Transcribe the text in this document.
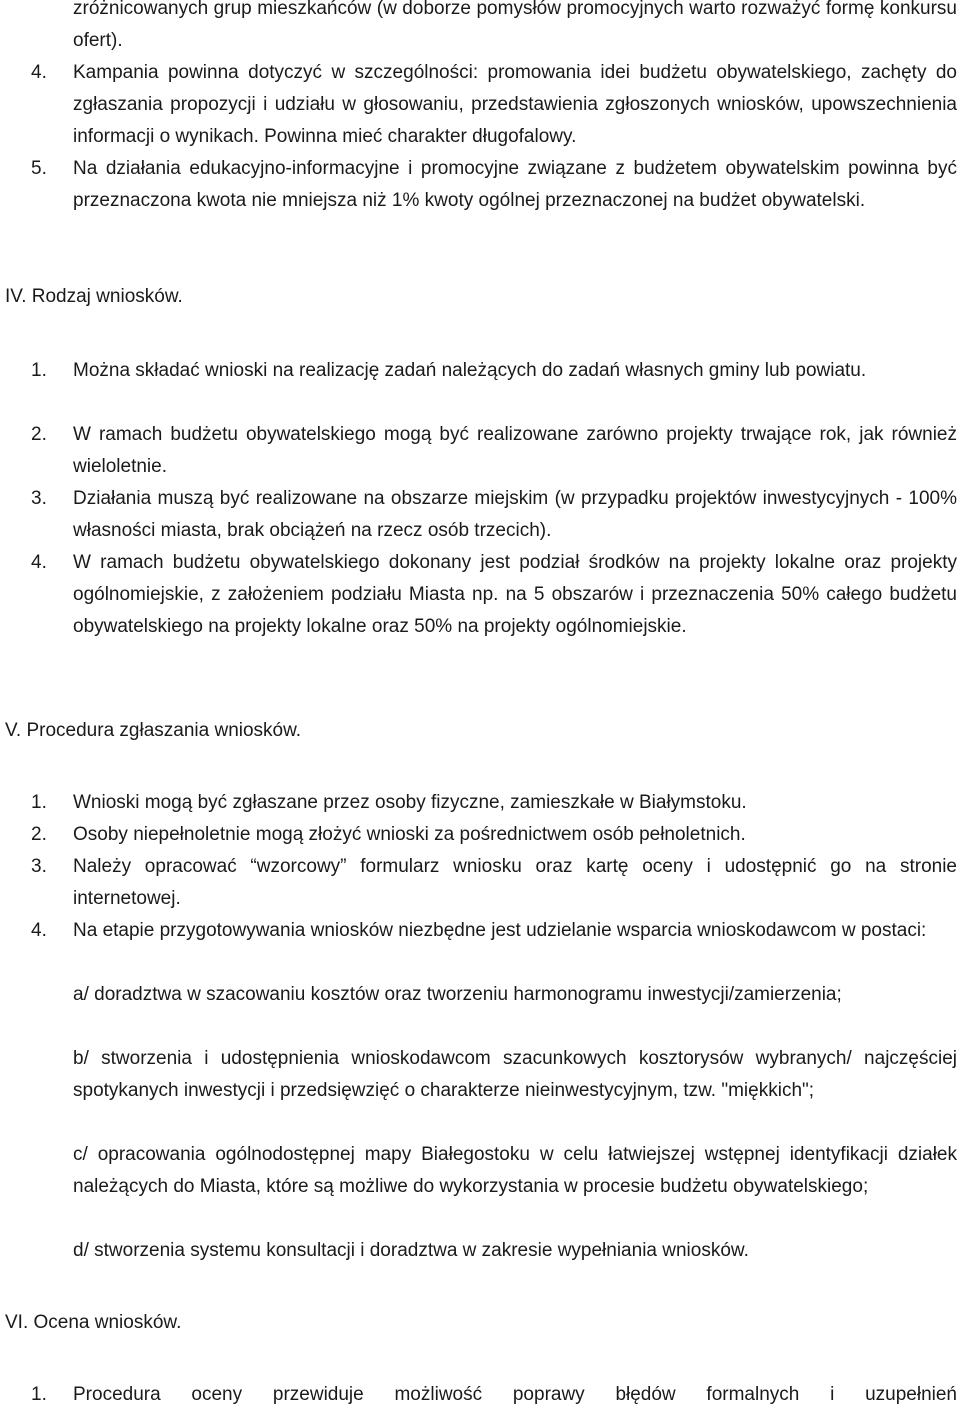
zróżnicowanych grup mieszkańców (w doborze pomysłów promocyjnych warto rozważyć formę konkursu ofert).
4.	Kampania powinna dotyczyć w szczególności: promowania idei budżetu obywatelskiego, zachęty do zgłaszania propozycji i udziału w głosowaniu, przedstawienia zgłoszonych wniosków, upowszechnienia informacji o wynikach. Powinna mieć charakter długofalowy.
5.	Na działania edukacyjno-informacyjne i promocyjne związane z budżetem obywatelskim powinna być przeznaczona kwota nie mniejsza niż 1% kwoty ogólnej przeznaczonej na budżet obywatelski.
IV. Rodzaj wniosków.
1.	Można składać wnioski na realizację zadań należących do zadań własnych gminy lub powiatu.
2.	W ramach budżetu obywatelskiego mogą być realizowane zarówno projekty trwające rok, jak również wieloletnie.
3.	Działania muszą być realizowane na obszarze miejskim (w przypadku projektów inwestycyjnych - 100% własności miasta, brak obciążeń na rzecz osób trzecich).
4.	W ramach budżetu obywatelskiego dokonany jest podział środków na projekty lokalne oraz projekty ogólnomiejskie, z założeniem podziału Miasta np. na 5 obszarów i przeznaczenia 50% całego budżetu obywatelskiego na projekty lokalne oraz 50% na projekty ogólnomiejskie.
V. Procedura zgłaszania wniosków.
1.	Wnioski mogą być zgłaszane przez osoby fizyczne, zamieszkałe w Białymstoku.
2.	Osoby niepełnoletnie mogą złożyć wnioski za pośrednictwem osób pełnoletnich.
3.	Należy opracować “wzorcowy” formularz wniosku oraz kartę oceny i udostępnić go na stronie internetowej.
4.	Na etapie przygotowywania wniosków niezbędne jest udzielanie wsparcia wnioskodawcom w postaci:
a/ doradztwa w szacowaniu kosztów oraz tworzeniu harmonogramu inwestycji/zamierzenia;
b/ stworzenia i udostępnienia wnioskodawcom szacunkowych kosztorysów wybranych/ najczęściej spotykanych inwestycji i przedsięwzięć o charakterze nieinwestycyjnym, tzw. "miękkich";
c/ opracowania ogólnodostępnej mapy Białegostoku w celu łatwiejszej wstępnej identyfikacji działek należących do Miasta, które są możliwe do wykorzystania w procesie budżetu obywatelskiego;
d/ stworzenia systemu konsultacji i doradztwa w zakresie wypełniania wniosków.
VI. Ocena wniosków.
1.	Procedura oceny przewiduje możliwość poprawy błędów formalnych i uzupełnień
